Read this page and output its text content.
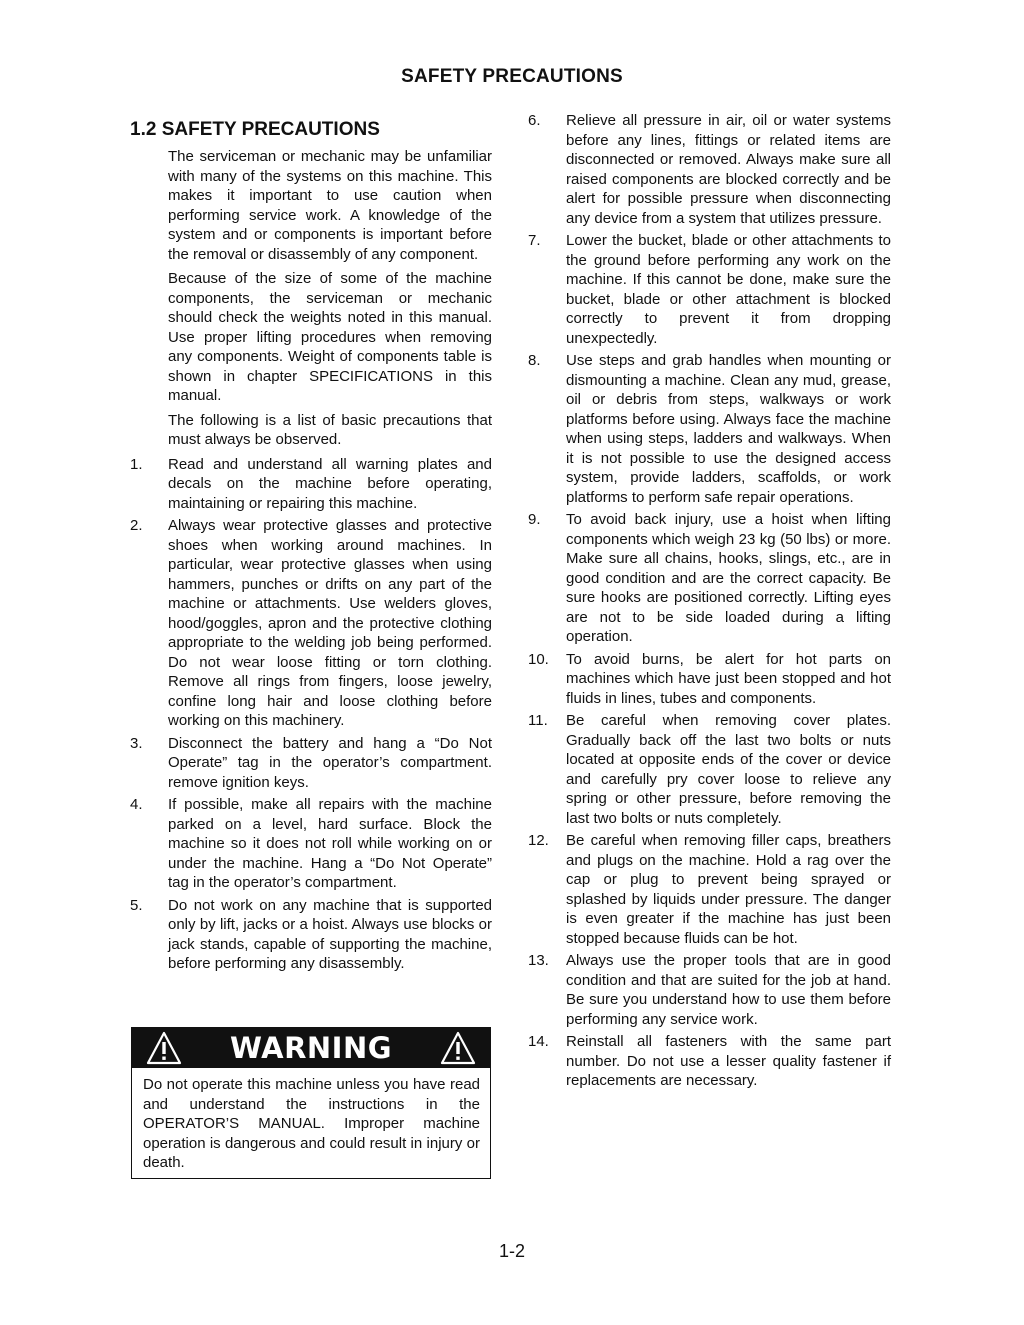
SAFETY PRECAUTIONS
1.2 SAFETY PRECAUTIONS

The serviceman or mechanic may be unfamiliar with many of the systems on this machine. This makes it important to use caution when performing service work. A knowledge of the system and or components is important before the removal or disassembly of any component.

Because of the size of some of the machine components, the serviceman or mechanic should check the weights noted in this manual. Use proper lifting procedures when removing any components. Weight of components table is shown in chapter SPECIFICATIONS in this manual.

The following is a list of basic precautions that must always be observed.

1.	Read and understand all warning plates and decals on the machine before operating, maintaining or repairing this machine.
2.	Always wear protective glasses and protective shoes when working around machines. In particular, wear protective glasses when using hammers, punches or drifts on any part of the machine or attachments. Use welders gloves, hood/goggles, apron and the protective clothing appropriate to the welding job being performed. Do not wear loose fitting or torn clothing. Remove all rings from fingers, loose jewelry, confine long hair and loose clothing before working on this machinery.
3.	Disconnect the battery and hang a “Do Not Operate” tag in the operator’s compartment. remove ignition keys.
4.	If possible, make all repairs with the machine parked on a level, hard surface. Block the machine so it does not roll while working on or under the machine. Hang a “Do Not Operate” tag in the operator’s compartment.
5.	Do not work on any machine that is supported only by lift, jacks or a hoist. Always use blocks or jack stands, capable of supporting the machine, before performing any disassembly.
WARNING
Do not operate this machine unless you have read and understand the instructions in the OPERATOR’S MANUAL. Improper machine operation is dangerous and could result in injury or death.
6.	Relieve all pressure in air, oil or water systems before any lines, fittings or related items are disconnected or removed. Always make sure all raised components are blocked correctly and be alert for possible pressure when disconnecting any device from a system that utilizes pressure.
7.	Lower the bucket, blade or other attachments to the ground before performing any work on the machine. If this cannot be done, make sure the bucket, blade or other attachment is blocked correctly to prevent it from dropping unexpectedly.
8.	Use steps and grab handles when mounting or dismounting a machine. Clean any mud, grease, oil or debris from steps, walkways or work platforms before using. Always face the machine when using steps, ladders and walkways. When it is not possible to use the designed access system, provide ladders, scaffolds, or work platforms to perform safe repair operations.
9.	To avoid back injury, use a hoist when lifting components which weigh 23 kg (50 lbs) or more. Make sure all chains, hooks, slings, etc., are in good condition and are the correct capacity. Be sure hooks are positioned correctly. Lifting eyes are not to be side loaded during a lifting operation.
10.	To avoid burns, be alert for hot parts on machines which have just been stopped and hot fluids in lines, tubes and components.
11.	Be careful when removing cover plates. Gradually back off the last two bolts or nuts located at opposite ends of the cover or device and carefully pry cover loose to relieve any spring or other pressure, before removing the last two bolts or nuts completely.
12.	Be careful when removing filler caps, breathers and plugs on the machine. Hold a rag over the cap or plug to prevent being sprayed or splashed by liquids under pressure. The danger is even greater if the machine has just been stopped because fluids can be hot.
13.	Always use the proper tools that are in good condition and that are suited for the job at hand. Be sure you understand how to use them before performing any service work.
14.	Reinstall all fasteners with the same part number. Do not use a lesser quality fastener if replacements are necessary.
1-2
